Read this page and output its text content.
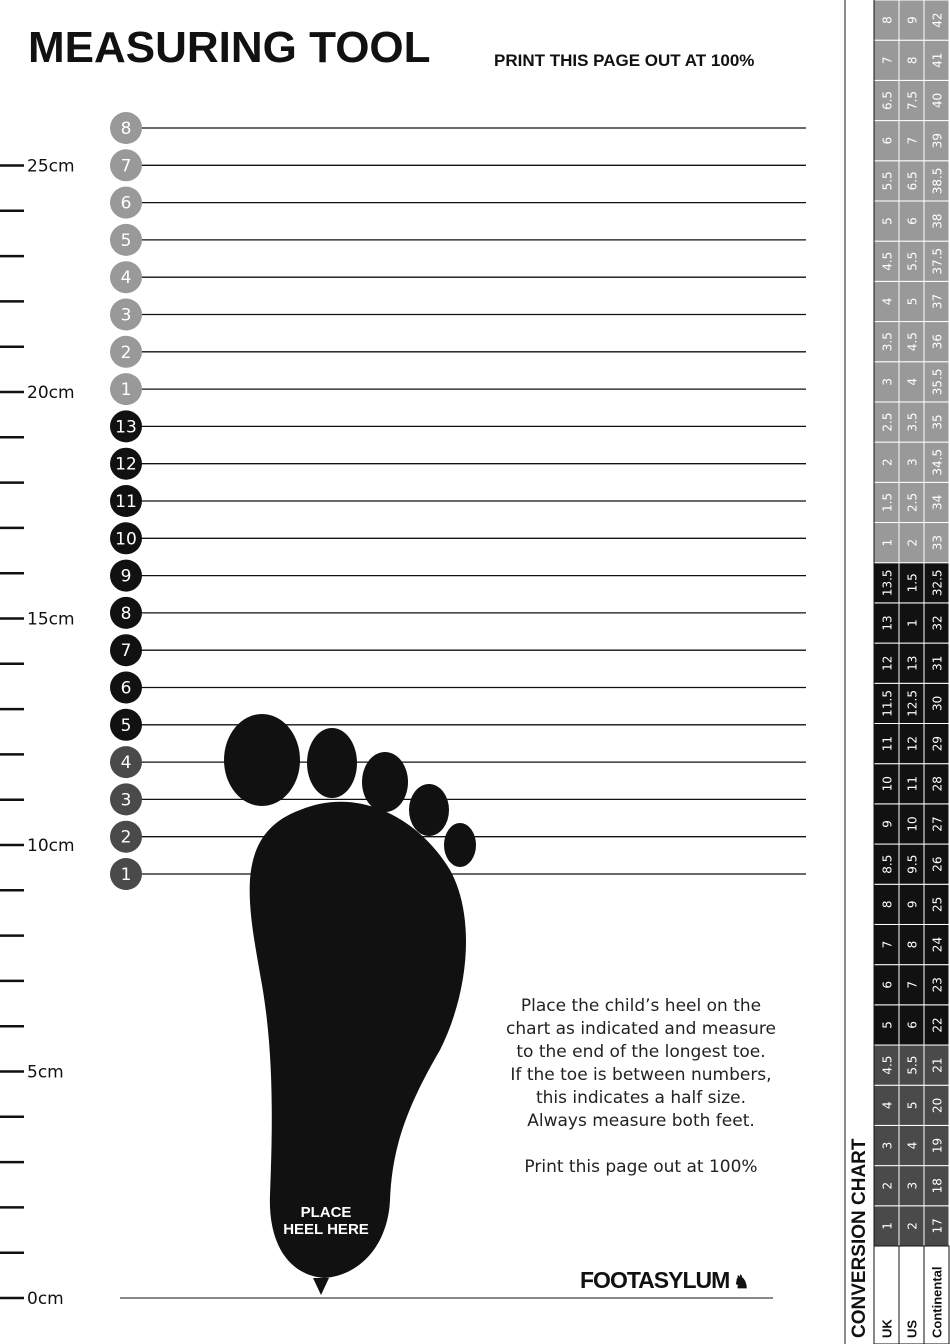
25cm
20cm
15cm
10cm
5cm
0cm
1
2
3
4
5
6
7
8
9
10
11
12
13
1
2
3
4
5
6
7
8
1 2 17
2 3 18
3 4 19
4 5 20
4.5 5.5 21
5 6 22
6 7 23
7 8 24
8 9 25
8.5 9.5 26
9 10 27
10 11 28
11 12 29
11.5 12.5 30
12 13 31
13 1 32
13.5 1.5 32.5
1 2 33
1.5 2.5 34
2 3 34.5
2.5 3.5 35
3 4 35.5
3.5 4.5 36
4 5 37
4.5 5.5 37.5
5 6 38
5.5 6.5 38.5
6 7 39
6.5 7.5 40
7 8 41
8 9 42
UK US Continental
MEASURING TOOL	PRINT THIS PAGE OUT AT 100%

Place the child’s heel on the

chart as indicated and measure

to the end of the longest toe.

If the toe is between numbers,

this indicates a half size.

Always measure both feet.

Print this page out at 100%

PLACE
HEEL HERE
FOOTASYLUM ♞	CONVERSION CHART
